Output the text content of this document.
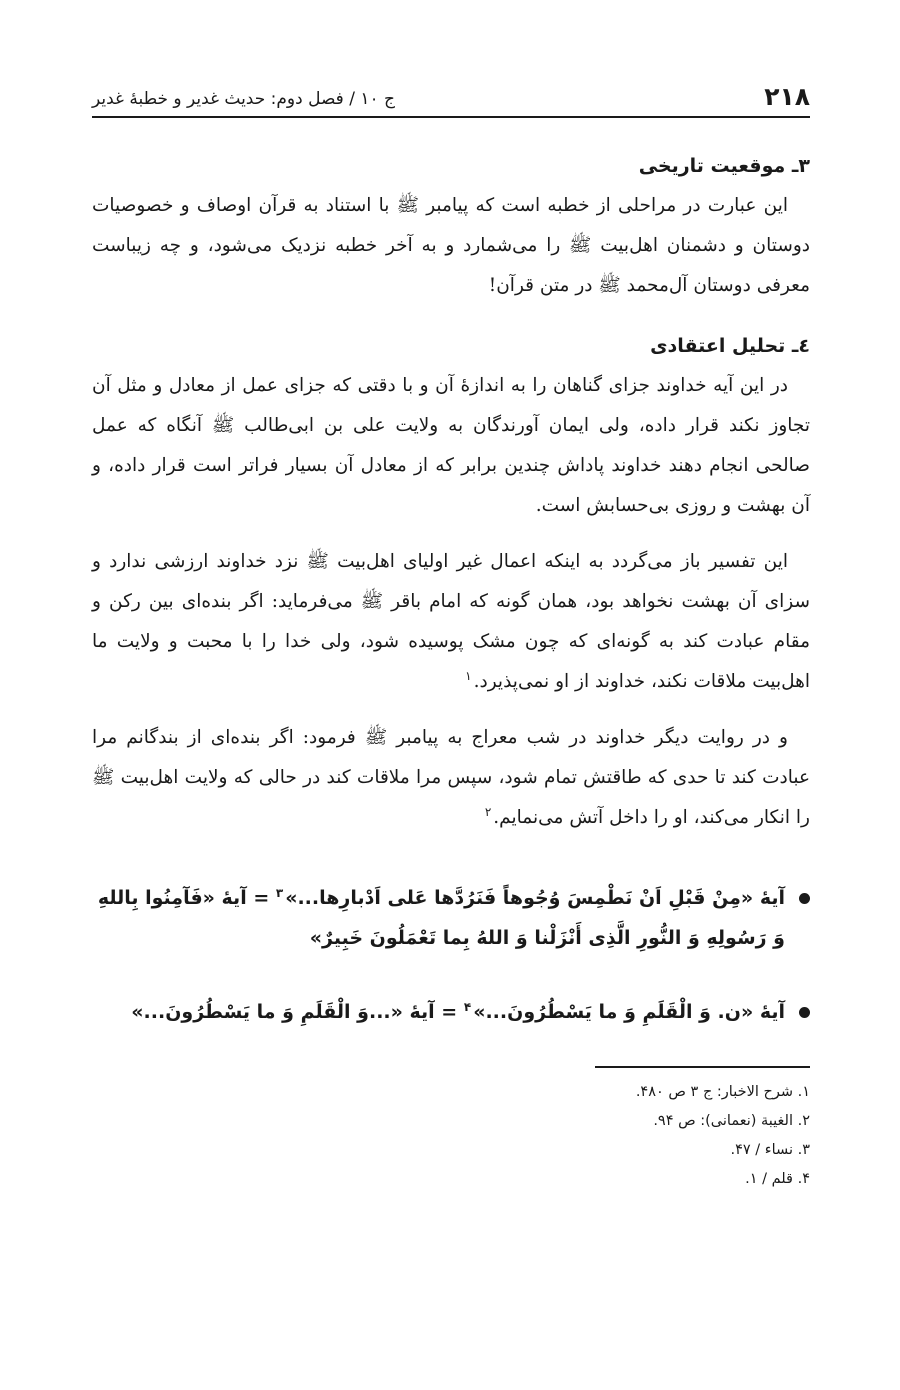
۲۱۸
ج ۱۰ / فصل دوم: حدیث غدیر و خطبهٔ غدیر
۳ـ موقعیت تاریخی

این عبارت در مراحلی از خطبه است که پیامبر ﷺ با استناد به قرآن اوصاف و خصوصیات دوستان و دشمنان اهل‌بیت ﷺ را می‌شمارد و به آخر خطبه نزدیک می‌شود، و چه زیباست معرفی دوستان آل‌محمد ﷺ در متن قرآن!

٤ـ تحلیل اعتقادی

در این آیه خداوند جزای گناهان را به اندازهٔ آن و با دقتی که جزای عمل از معادل و مثل آن تجاوز نکند قرار داده، ولی ایمان آورندگان به ولایت علی بن ابی‌طالب ﷺ آنگاه که عمل صالحی انجام دهند خداوند پاداش چندین برابر که از معادل آن بسیار فراتر است قرار داده، و آن بهشت و روزی بی‌حسابش است.

این تفسیر باز می‌گردد به اینکه اعمال غیر اولیای اهل‌بیت ﷺ نزد خداوند ارزشی ندارد و سزای آن بهشت نخواهد بود، همان گونه که امام باقر ﷺ می‌فرماید: اگر بنده‌ای بین رکن و مقام عبادت کند به گونه‌ای که چون مشک پوسیده شود، ولی خدا را با محبت و ولایت ما اهل‌بیت ملاقات نکند، خداوند از او نمی‌پذیرد.$^۱$

و در روایت دیگر خداوند در شب معراج به پیامبر ﷺ فرمود: اگر بنده‌ای از بندگانم مرا عبادت کند تا حدی که طاقتش تمام شود، سپس مرا ملاقات کند در حالی که ولایت اهل‌بیت ﷺ را انکار می‌کند، او را داخل آتش می‌نمایم.$^۲$

آیهٔ «مِنْ قَبْلِ اَنْ نَطْمِسَ وُجُوهاً فَنَرُدَّها عَلی اَدْبارِها...»$^۳$ = آیهٔ «فَآمِنُوا بِاللهِ وَ رَسُولِهِ وَ النُّورِ الَّذِی أَنْزَلْنا وَ اللهُ بِما تَعْمَلُونَ خَبِیرٌ»
آیهٔ «ن. وَ الْقَلَمِ وَ ما یَسْطُرُونَ...»$^۴$ = آیهٔ «...وَ الْقَلَمِ وَ ما یَسْطُرُونَ...»
۱. شرح الاخبار: ج ۳ ص ۴۸۰.
۲. الغیبة (نعمانی): ص ۹۴.
۳. نساء / ۴۷.
۴. قلم / ۱.
